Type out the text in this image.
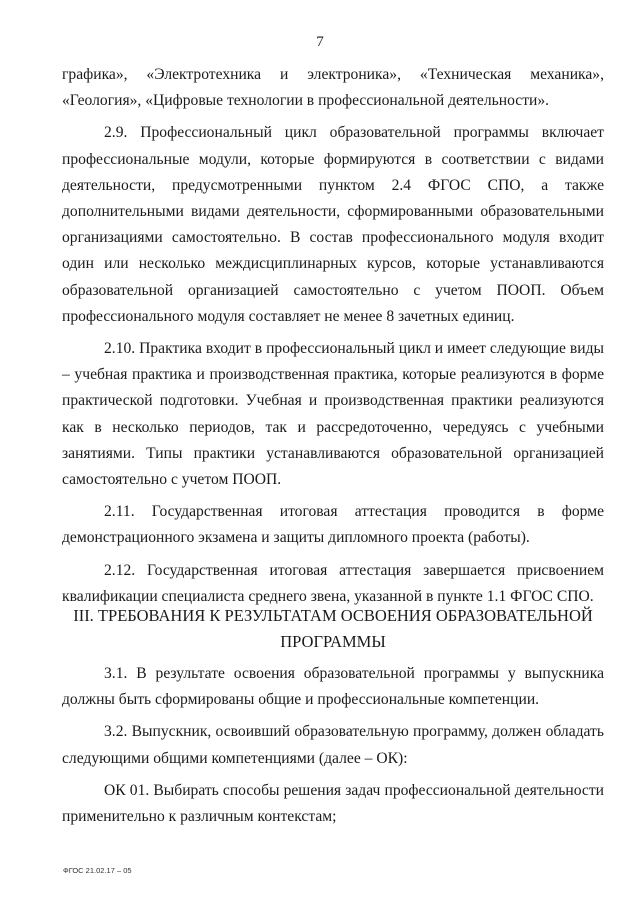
7

графика», «Электротехника и электроника», «Техническая механика», «Геология», «Цифровые технологии в профессиональной деятельности».

2.9. Профессиональный цикл образовательной программы включает профессиональные модули, которые формируются в соответствии с видами деятельности, предусмотренными пунктом 2.4 ФГОС СПО, а также дополнительными видами деятельности, сформированными образовательными организациями самостоятельно. В состав профессионального модуля входит один или несколько междисциплинарных курсов, которые устанавливаются образовательной организацией самостоятельно с учетом ПООП. Объем профессионального модуля составляет не менее 8 зачетных единиц.

2.10. Практика входит в профессиональный цикл и имеет следующие виды – учебная практика и производственная практика, которые реализуются в форме практической подготовки. Учебная и производственная практики реализуются как в несколько периодов, так и рассредоточенно, чередуясь с учебными занятиями. Типы практики устанавливаются образовательной организацией самостоятельно с учетом ПООП.

2.11. Государственная итоговая аттестация проводится в форме демонстрационного экзамена и защиты дипломного проекта (работы).

2.12. Государственная итоговая аттестация завершается присвоением квалификации специалиста среднего звена, указанной в пункте 1.1 ФГОС СПО.

III. ТРЕБОВАНИЯ К РЕЗУЛЬТАТАМ ОСВОЕНИЯ ОБРАЗОВАТЕЛЬНОЙ

ПРОГРАММЫ

3.1. В результате освоения образовательной программы у выпускника должны быть сформированы общие и профессиональные компетенции.

3.2. Выпускник, освоивший образовательную программу, должен обладать следующими общими компетенциями (далее – ОК):

ОК 01. Выбирать способы решения задач профессиональной деятельности применительно к различным контекстам;

ФГОС 21.02.17 – 05
